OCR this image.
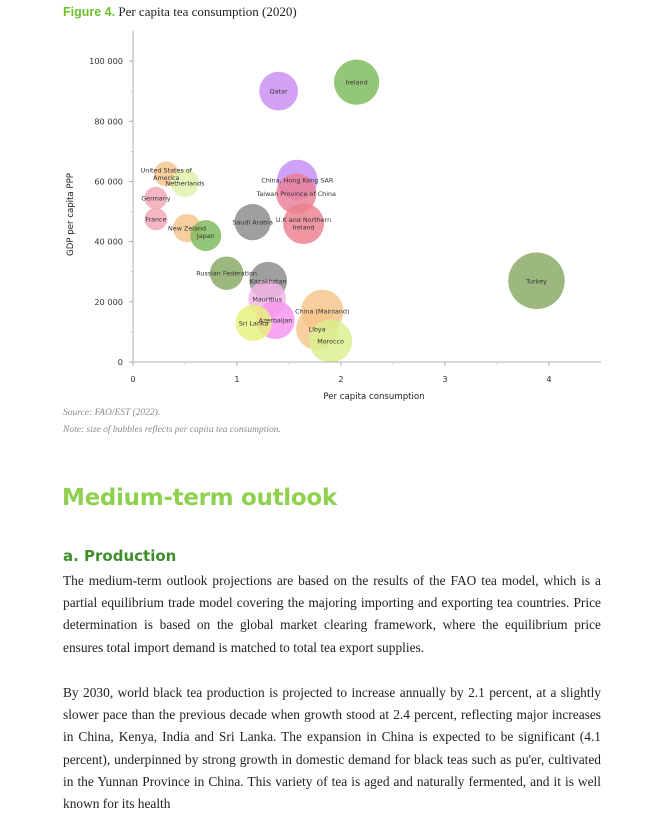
Figure 4. Per capita tea consumption (2020)
Ireland
Qatar
United States of America
Netherlands
Germany
China, Hong Kong SAR
Taiwan Province of China
U.K and Northern Ireland
Saudi Arabia
France
New Zeland
Japan
Russian Federation
Kazakhstan	Turkey
Mauritius
China (Mainland)
Azerbaijan
Sri Lanka
Libya
Morocco
0
20 000
40 000
60 000
80 000
100 000
0	1	2	3	4
Per capita consumption
GDP per capita PPP
Source: FAO/EST (2022).
Note: size of bubbles reflects per capita tea consumption.
Medium-term outlook
a. Production

The medium-term outlook projections are based on the results of the FAO tea model, which is a partial equilibrium trade model covering the majoring importing and exporting tea countries. Price determination is based on the global market clearing framework, where the equilibrium price ensures total import demand is matched to total tea export supplies.

By 2030, world black tea production is projected to increase annually by 2.1 percent, at a slightly slower pace than the previous decade when growth stood at 2.4 percent, reflecting major increases in China, Kenya, India and Sri Lanka. The expansion in China is expected to be significant (4.1 percent), underpinned by strong growth in domestic demand for black teas such as pu'er, cultivated in the Yunnan Province in China. This variety of tea is aged and naturally fermented, and it is well known for its health
